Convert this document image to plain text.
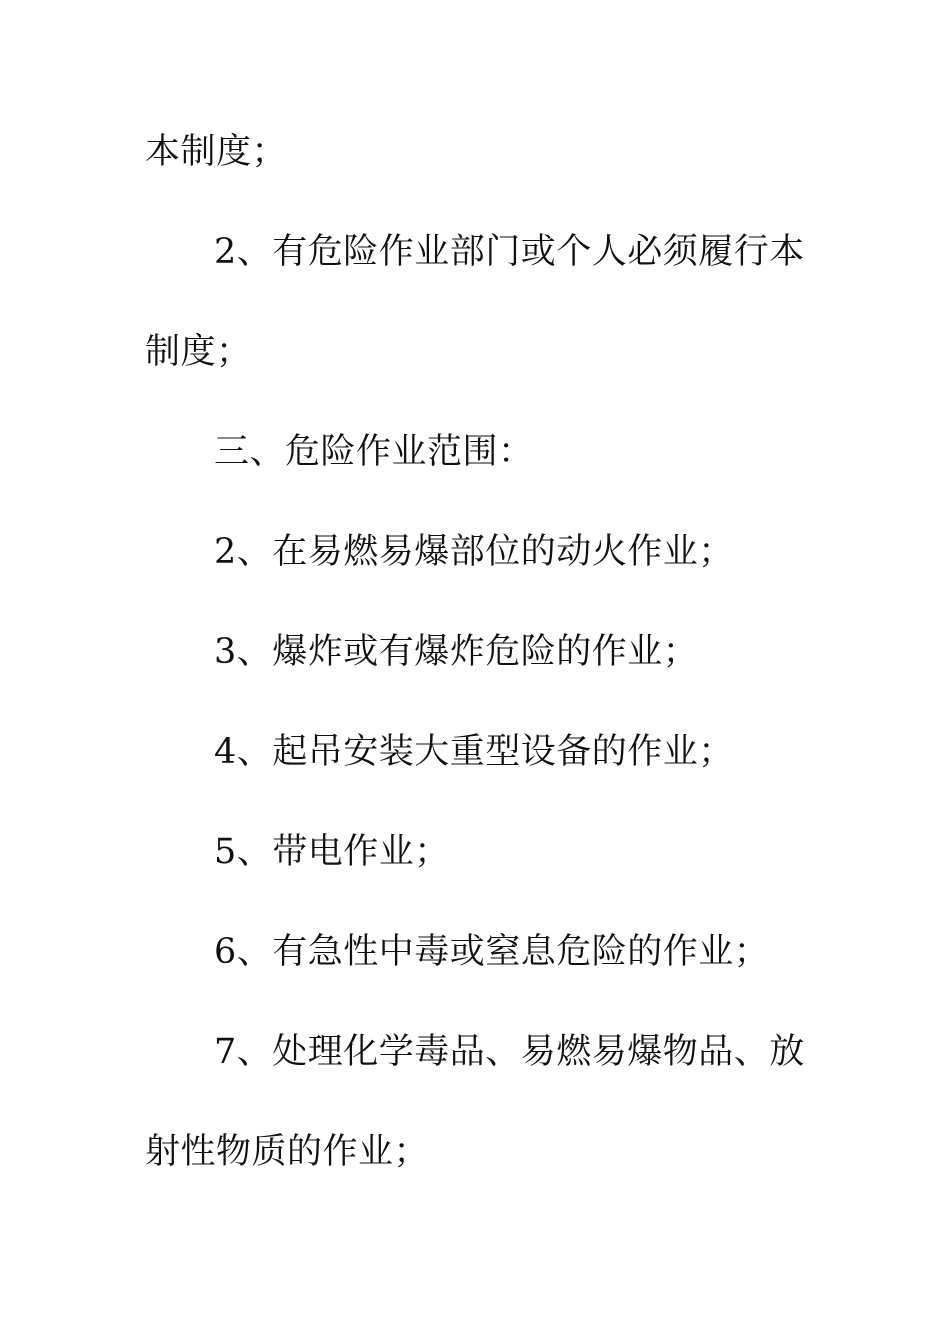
本制度；
2、有危险作业部门或个人必须履行本
制度；
三、危险作业范围：
2、在易燃易爆部位的动火作业；
3、爆炸或有爆炸危险的作业；
4、起吊安装大重型设备的作业；
5、带电作业；
6、有急性中毒或窒息危险的作业；
7、处理化学毒品、易燃易爆物品、放
射性物质的作业；
